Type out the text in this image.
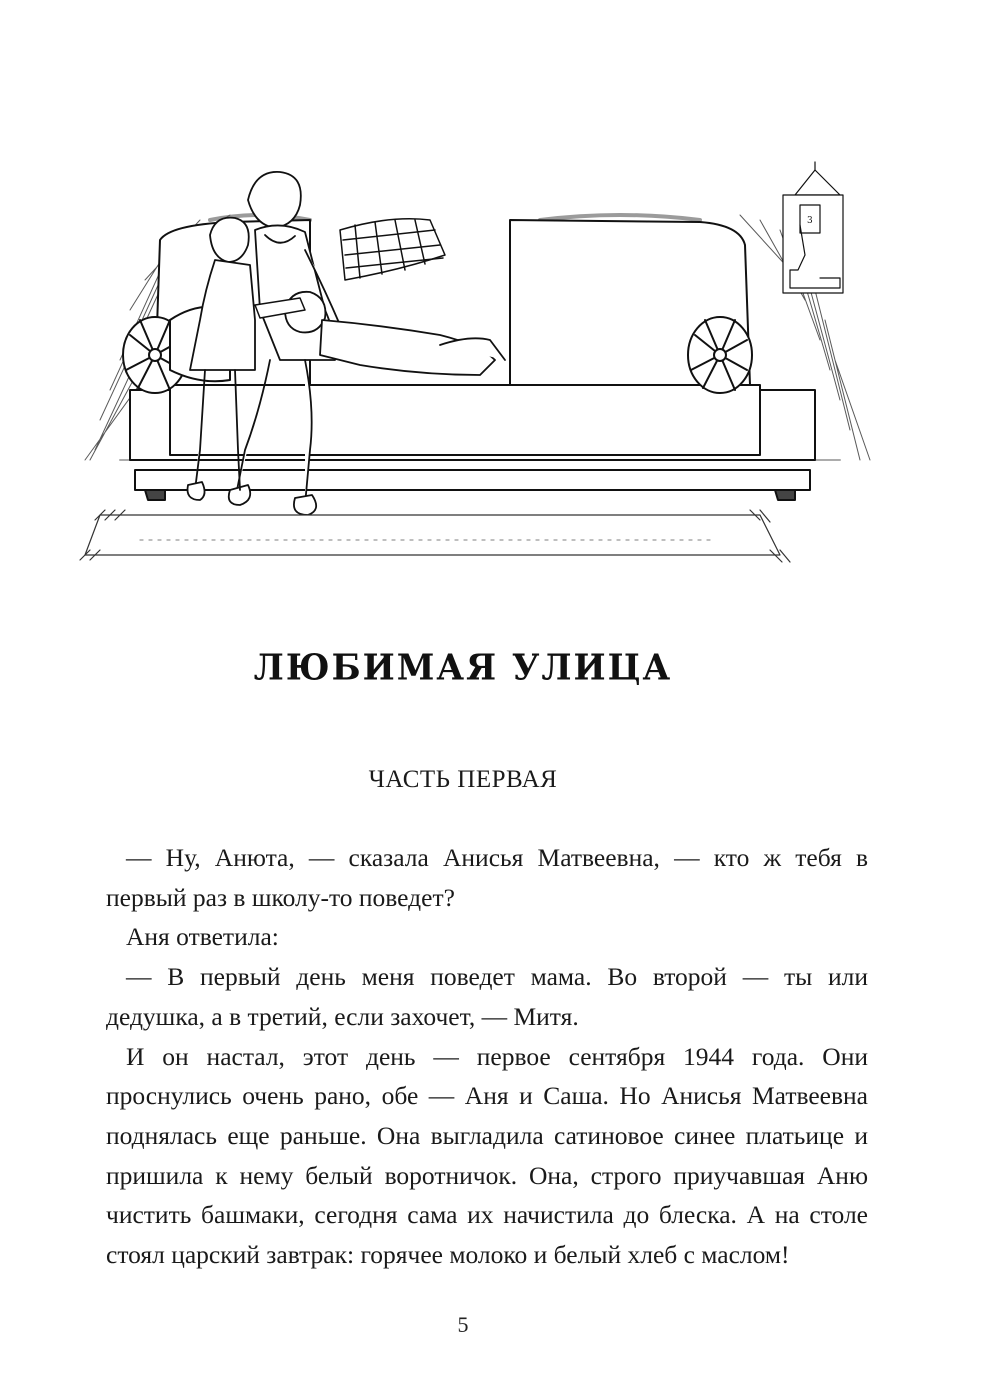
3
ЛЮБИМАЯ УЛИЦА
ЧАСТЬ ПЕРВАЯ

— Ну, Анюта, — сказала Анисья Матвеевна, — кто ж тебя в первый раз в школу-то поведет?

Аня ответила:

— В первый день меня поведет мама. Во второй — ты или дедушка, а в третий, если захочет, — Митя.

И он настал, этот день — первое сентября 1944 года. Они проснулись очень рано, обе — Аня и Саша. Но Анисья Матвеевна поднялась еще раньше. Она выгладила сатиновое синее платьице и пришила к нему белый воротничок. Она, строго приучавшая Аню чистить башмаки, сегодня сама их начистила до блеска. А на столе стоял царский завтрак: горячее молоко и белый хлеб с маслом!

5
